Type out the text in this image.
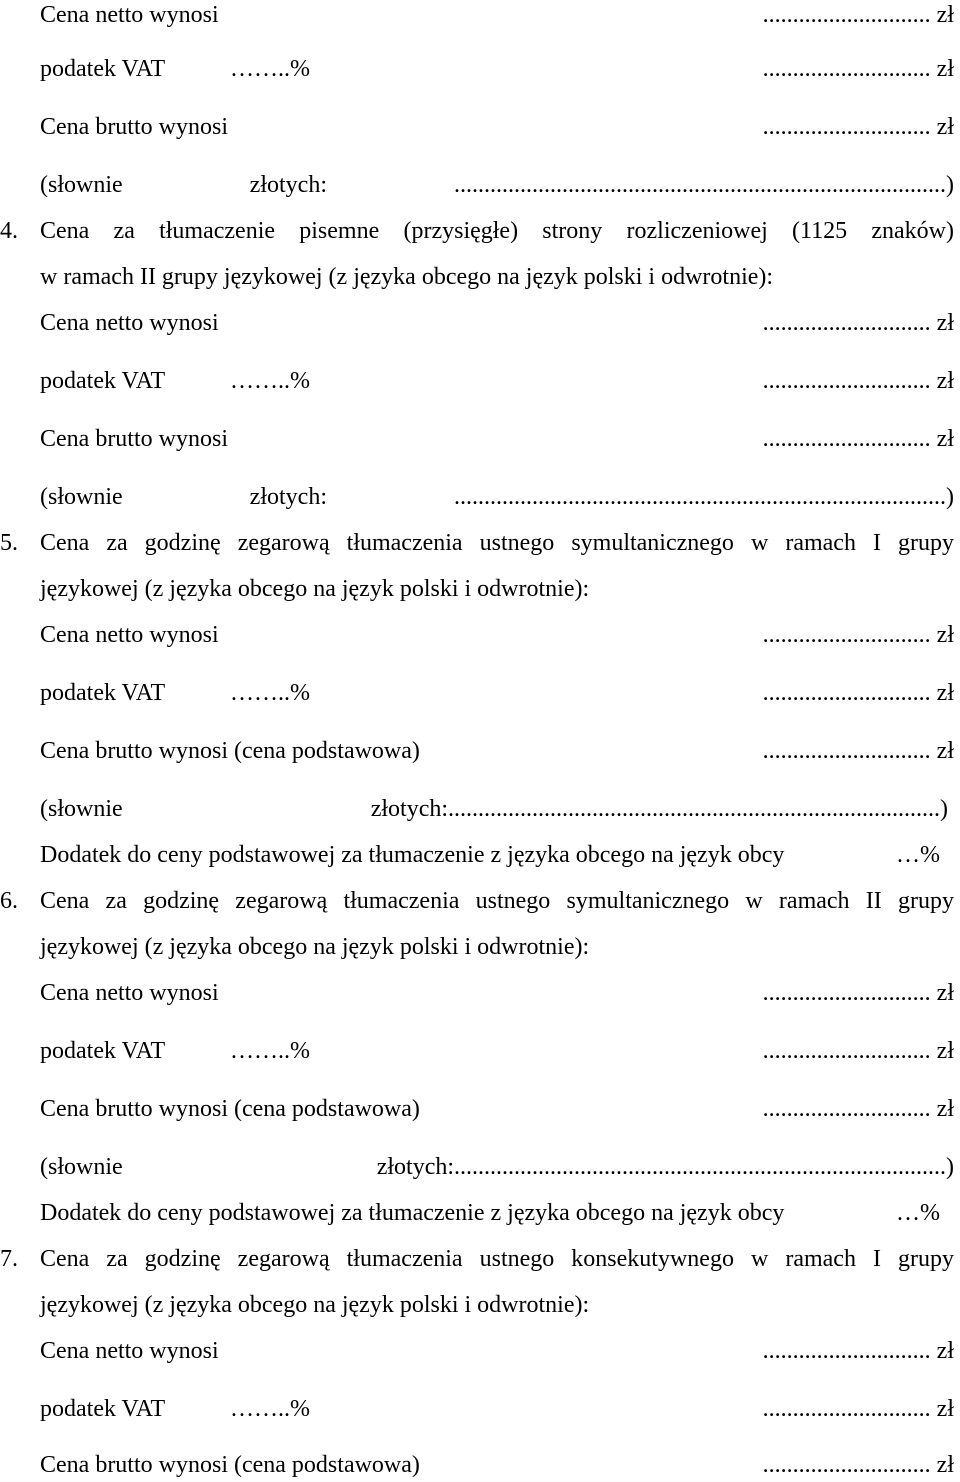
Cena netto wynosi	............................ zł
podatek VAT	……..%	............................ zł
Cena brutto wynosi	............................ zł
(słownie złotych: ..................................................................................)
4. Cena za tłumaczenie pisemne (przysięgłe) strony rozliczeniowej (1125 znaków)
w ramach II grupy językowej (z języka obcego na język polski i odwrotnie):
Cena netto wynosi	............................ zł
podatek VAT	……..%	............................ zł
Cena brutto wynosi	............................ zł
(słownie złotych: ..................................................................................)
5. Cena za godzinę zegarową tłumaczenia ustnego symultanicznego w ramach I grupy
językowej (z języka obcego na język polski i odwrotnie):
Cena netto wynosi	............................ zł
podatek VAT	……..%	............................ zł
Cena brutto wynosi (cena podstawowa)	............................ zł
(słownie złotych:..................................................................................)
Dodatek do ceny podstawowej za tłumaczenie z języka obcego na język obcy	…%
6. Cena za godzinę zegarową tłumaczenia ustnego symultanicznego w ramach II grupy
językowej (z języka obcego na język polski i odwrotnie):
Cena netto wynosi	............................ zł
podatek VAT	……..%	............................ zł
Cena brutto wynosi (cena podstawowa)	............................ zł
(słownie złotych:..................................................................................)
Dodatek do ceny podstawowej za tłumaczenie z języka obcego na język obcy	…%
7. Cena za godzinę zegarową tłumaczenia ustnego konsekutywnego w ramach I grupy
językowej (z języka obcego na język polski i odwrotnie):
Cena netto wynosi	............................ zł
podatek VAT	……..%	............................ zł
Cena brutto wynosi (cena podstawowa)	............................ zł
